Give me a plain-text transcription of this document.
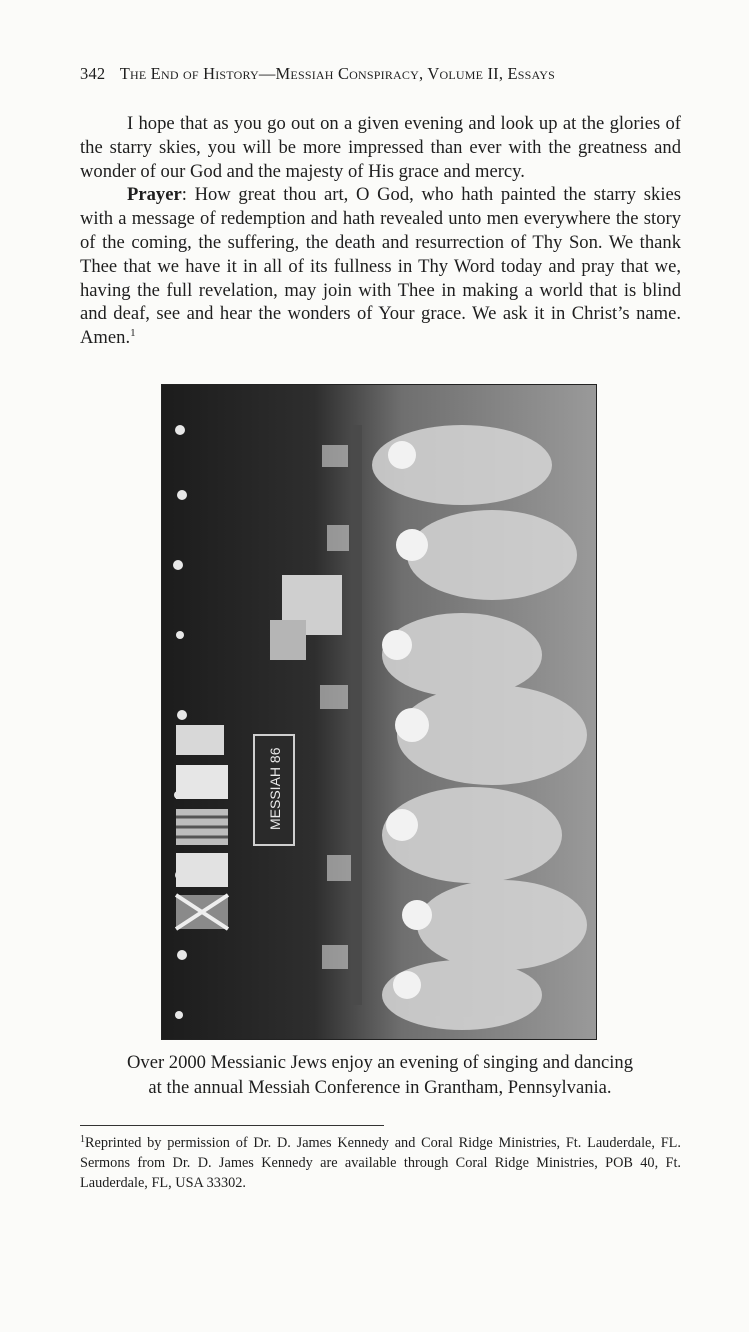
342 The End of History—Messiah Conspiracy, Volume II, Essays

I hope that as you go out on a given evening and look up at the glories of the starry skies, you will be more impressed than ever with the greatness and wonder of our God and the majesty of His grace and mercy.

Prayer: How great thou art, O God, who hath painted the starry skies with a message of redemption and hath revealed unto men everywhere the story of the coming, the suffering, the death and resurrection of Thy Son. We thank Thee that we have it in all of its fullness in Thy Word today and pray that we, having the full revelation, may join with Thee in making a world that is blind and deaf, see and hear the wonders of Your grace. We ask it in Christ’s name. Amen.$^1$

MESSIAH 86
Over 2000 Messianic Jews enjoy an evening of singing and dancing
at the annual Messiah Conference in Grantham, Pennsylvania.
$^1$Reprinted by permission of Dr. D. James Kennedy and Coral Ridge Ministries, Ft. Lauderdale, FL. Sermons from Dr. D. James Kennedy are available through Coral Ridge Ministries, POB 40, Ft. Lauderdale, FL, USA 33302.
